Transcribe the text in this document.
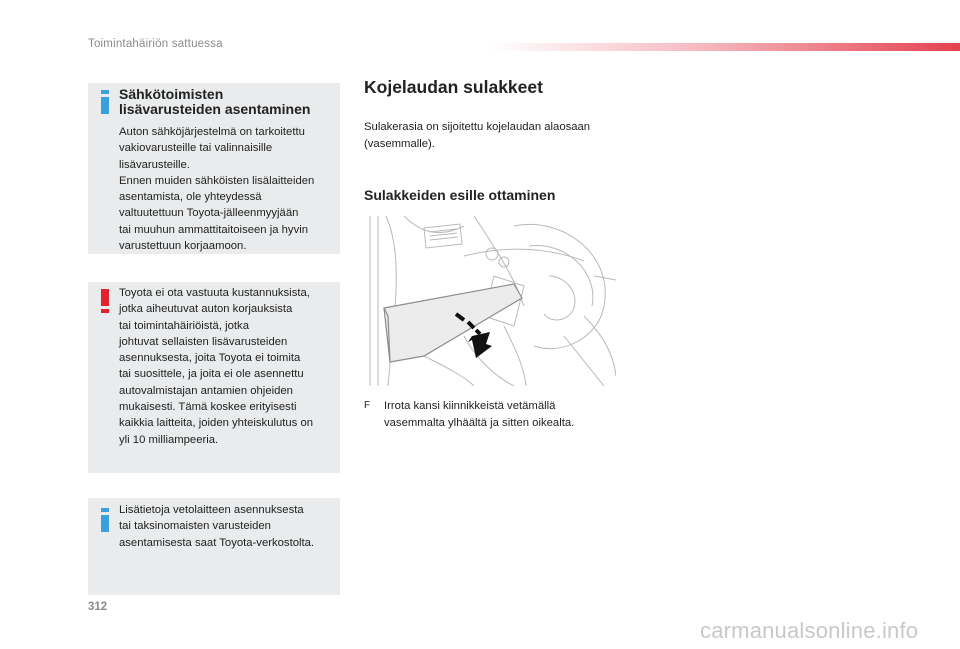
Toimintahäiriön sattuessa
Sähkötoimisten
lisävarusteiden asentaminen
Auton sähköjärjestelmä on tarkoitettu
vakiovarusteille tai valinnaisille
lisävarusteille.
Ennen muiden sähköisten lisälaitteiden
asentamista, ole yhteydessä
valtuutettuun Toyota-jälleenmyyjään
tai muuhun ammattitaitoiseen ja hyvin
varustettuun korjaamoon.
Toyota ei ota vastuuta kustannuksista,
jotka aiheutuvat auton korjauksista
tai toimintahäiriöistä, jotka
johtuvat sellaisten lisävarusteiden
asennuksesta, joita Toyota ei toimita
tai suosittele, ja joita ei ole asennettu
autovalmistajan antamien ohjeiden
mukaisesti. Tämä koskee erityisesti
kaikkia laitteita, joiden yhteiskulutus on
yli 10 milliampeeria.
Lisätietoja vetolaitteen asennuksesta
tai taksinomaisten varusteiden
asentamisesta saat Toyota-verkostolta.
Kojelaudan sulakkeet
Sulakerasia on sijoitettu kojelaudan alaosaan
(vasemmalle).
Sulakkeiden esille ottaminen
F Irrota kansi kiinnikkeistä vetämällä
vasemmalta ylhäältä ja sitten oikealta.
312
carmanualsonline.info
